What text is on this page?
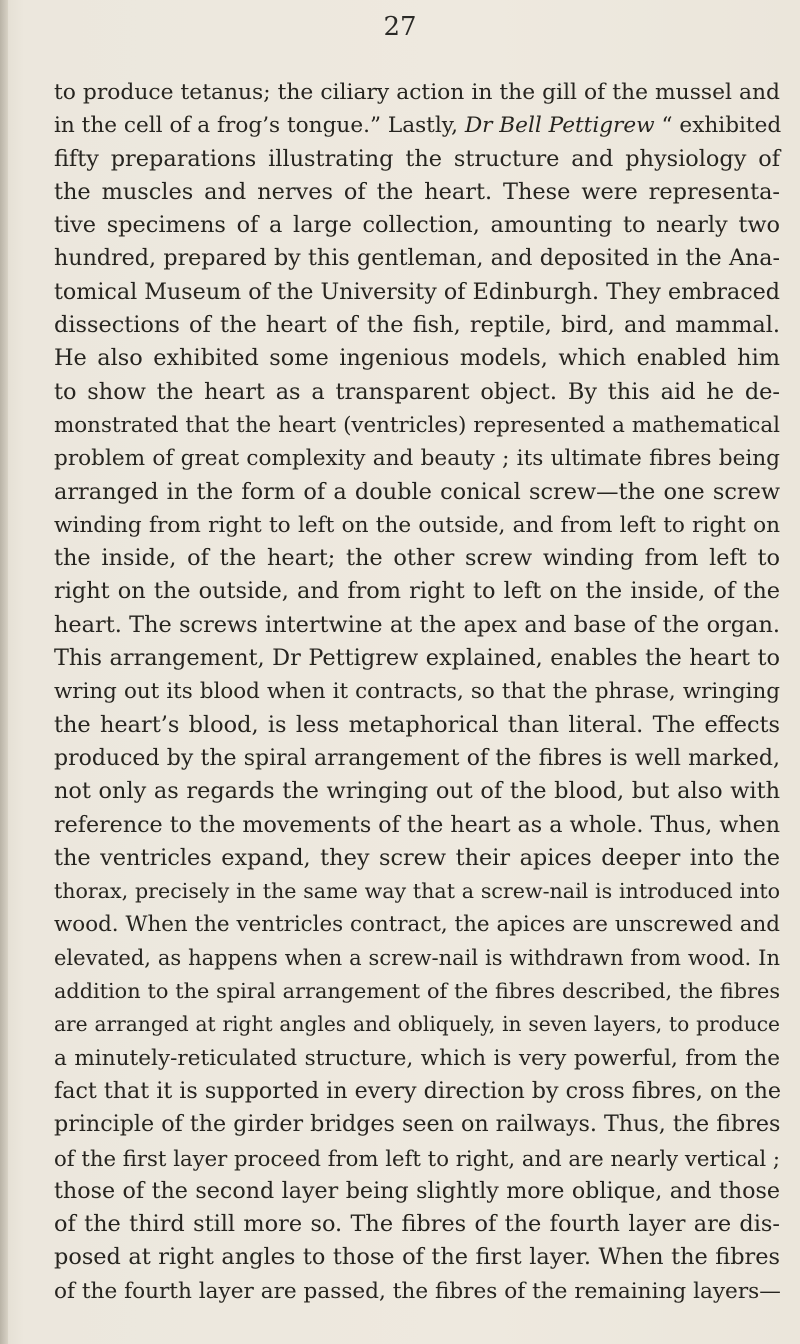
27

to produce tetanus; the ciliary action in the gill of the mussel and
in the cell of a frog’s tongue.” Lastly, Dr Bell Pettigrew “ exhibited
fifty preparations illustrating the structure and physiology of
the muscles and nerves of the heart. These were representa-
tive specimens of a large collection, amounting to nearly two
hundred, prepared by this gentleman, and deposited in the Ana-
tomical Museum of the University of Edinburgh. They embraced
dissections of the heart of the fish, reptile, bird, and mammal.
He also exhibited some ingenious models, which enabled him
to show the heart as a transparent object. By this aid he de-
monstrated that the heart (ventricles) represented a mathematical
problem of great complexity and beauty ; its ultimate fibres being
arranged in the form of a double conical screw—the one screw
winding from right to left on the outside, and from left to right on
the inside, of the heart; the other screw winding from left to
right on the outside, and from right to left on the inside, of the
heart. The screws intertwine at the apex and base of the organ.
This arrangement, Dr Pettigrew explained, enables the heart to
wring out its blood when it contracts, so that the phrase, wringing
the heart’s blood, is less metaphorical than literal. The effects
produced by the spiral arrangement of the fibres is well marked,
not only as regards the wringing out of the blood, but also with
reference to the movements of the heart as a whole. Thus, when
the ventricles expand, they screw their apices deeper into the
thorax, precisely in the same way that a screw-nail is introduced into
wood. When the ventricles contract, the apices are unscrewed and
elevated, as happens when a screw-nail is withdrawn from wood. In
addition to the spiral arrangement of the fibres described, the fibres
are arranged at right angles and obliquely, in seven layers, to produce
a minutely-reticulated structure, which is very powerful, from the
fact that it is supported in every direction by cross fibres, on the
principle of the girder bridges seen on railways. Thus, the fibres
of the first layer proceed from left to right, and are nearly vertical ;
those of the second layer being slightly more oblique, and those
of the third still more so. The fibres of the fourth layer are dis-
posed at right angles to those of the first layer. When the fibres
of the fourth layer are passed, the fibres of the remaining layers—
